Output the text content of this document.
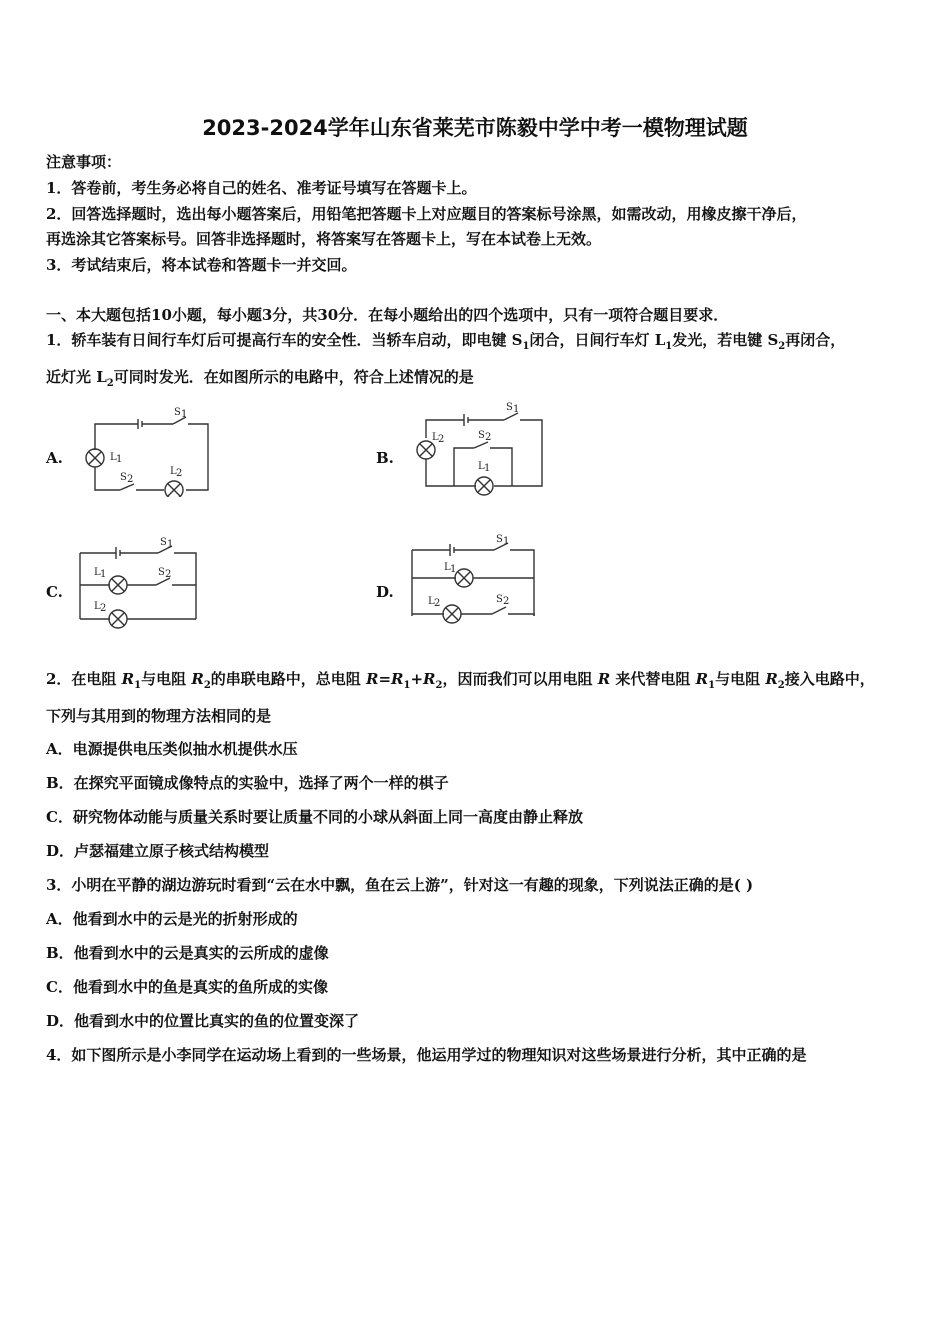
2023-2024学年山东省莱芜市陈毅中学中考一模物理试题
注意事项：
1．答卷前，考生务必将自己的姓名、准考证号填写在答题卡上。
2．回答选择题时，选出每小题答案后，用铅笔把答题卡上对应题目的答案标号涂黑，如需改动，用橡皮擦干净后，
再选涂其它答案标号。回答非选择题时，将答案写在答题卡上，写在本试卷上无效。
3．考试结束后，将本试卷和答题卡一并交回。
一、本大题包括10小题，每小题3分，共30分．在每小题给出的四个选项中，只有一项符合题目要求．
1．轿车装有日间行车灯后可提高行车的安全性．当轿车启动，即电键 $S_1$闭合，日间行车灯 $L_1$发光，若电键 $S_2$再闭合，
近灯光 $L_2$可同时发光．在如图所示的电路中，符合上述情况的是
A.
S 1
L 1
S 2
L 2
B.
S 1
L 2
L 1
S 2
C.
S 1
L 1	S 2
L 2
D.
S 1
L 1
L 2	S 2
2．在电阻 $R_1$与电阻 $R_2$的串联电路中，总电阻 $R=R_1+R_2$，因而我们可以用电阻 R 来代替电阻 $R_1$与电阻 $R_2$接入电路中，
下列与其用到的物理方法相同的是
A．电源提供电压类似抽水机提供水压
B．在探究平面镜成像特点的实验中，选择了两个一样的棋子
C．研究物体动能与质量关系时要让质量不同的小球从斜面上同一高度由静止释放
D．卢瑟福建立原子核式结构模型
3．小明在平静的湖边游玩时看到“云在水中飘，鱼在云上游”，针对这一有趣的现象，下列说法正确的是( )
A．他看到水中的云是光的折射形成的
B．他看到水中的云是真实的云所成的虚像
C．他看到水中的鱼是真实的鱼所成的实像
D．他看到水中的位置比真实的鱼的位置变深了
4．如下图所示是小李同学在运动场上看到的一些场景，他运用学过的物理知识对这些场景进行分析，其中正确的是
